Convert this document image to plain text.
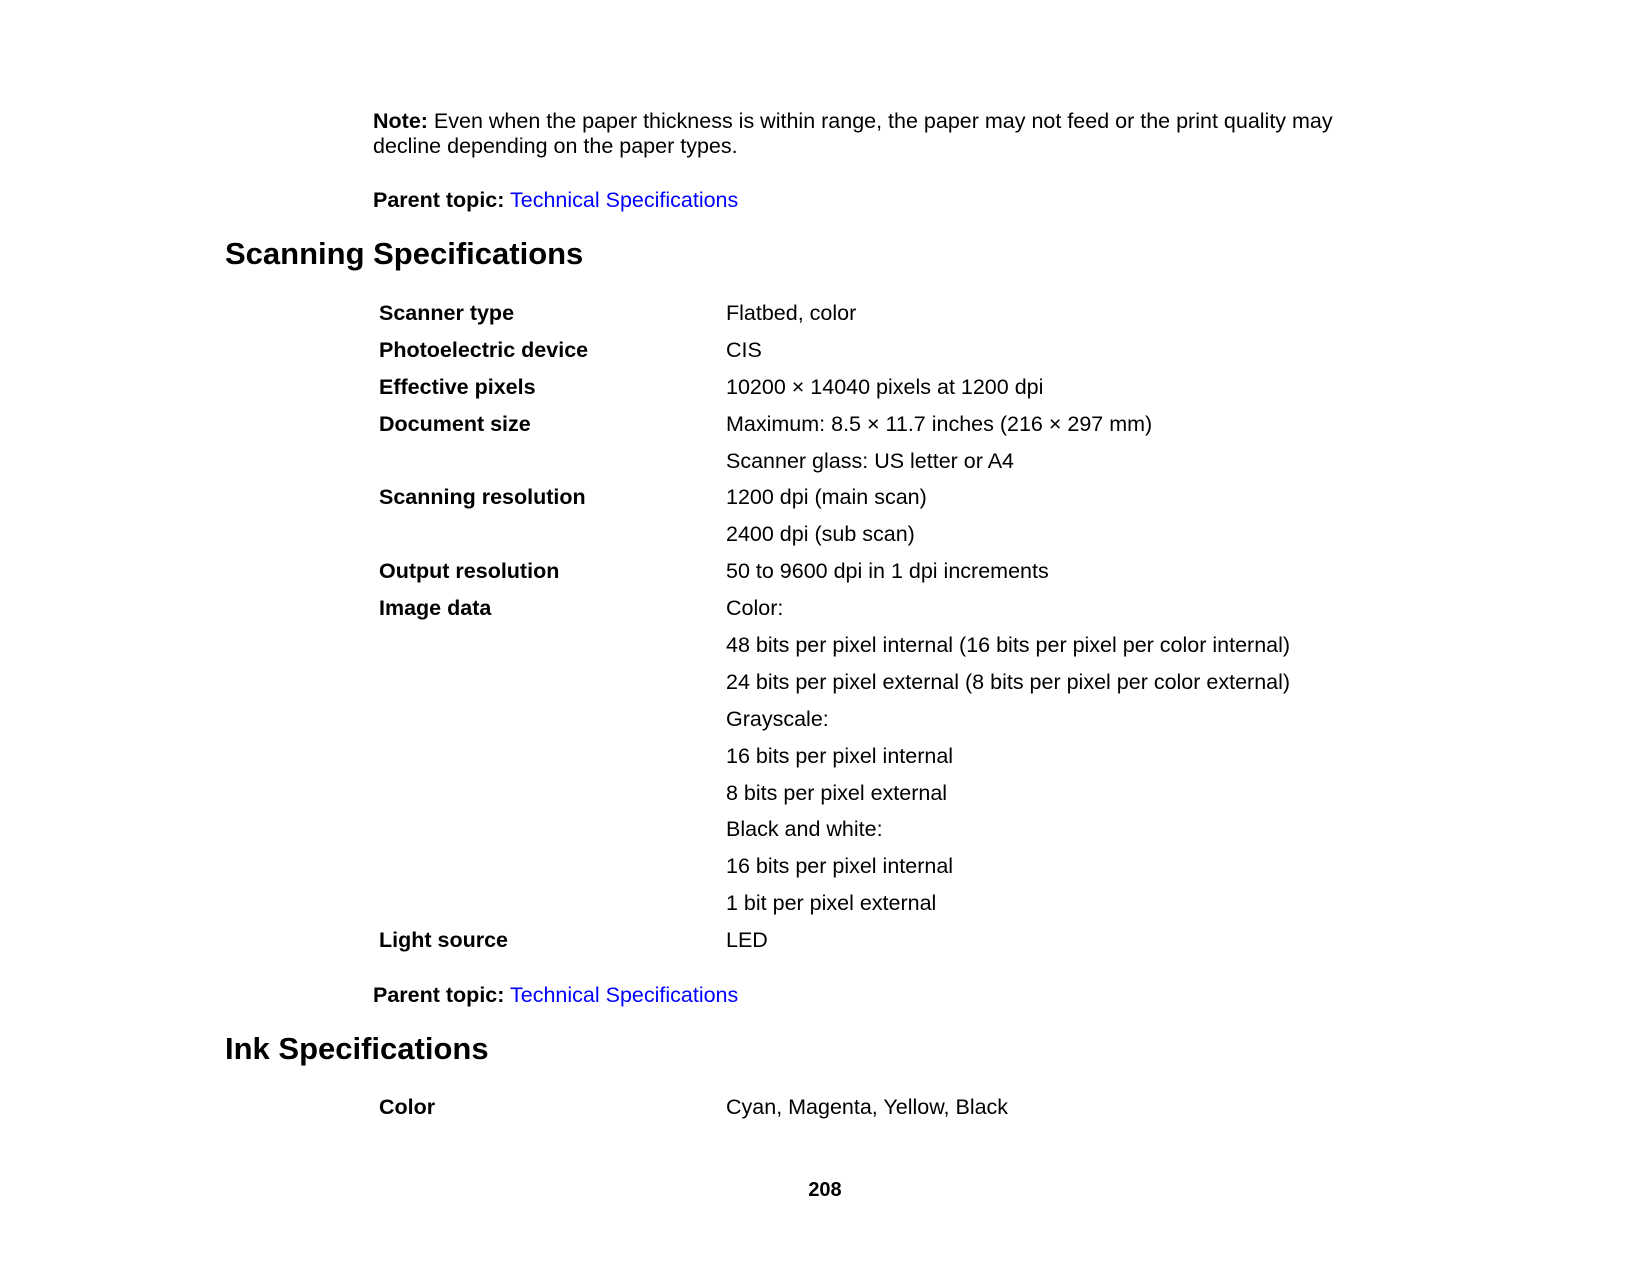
Note: Even when the paper thickness is within range, the paper may not feed or the print quality may
decline depending on the paper types.
Parent topic: Technical Specifications
Scanning Specifications
Scanner type	Flatbed, color
Photoelectric device	CIS
Effective pixels	10200 × 14040 pixels at 1200 dpi
Document size	Maximum: 8.5 × 11.7 inches (216 × 297 mm)
Scanner glass: US letter or A4
Scanning resolution	1200 dpi (main scan)
2400 dpi (sub scan)
Output resolution	50 to 9600 dpi in 1 dpi increments
Image data	Color:
48 bits per pixel internal (16 bits per pixel per color internal)
24 bits per pixel external (8 bits per pixel per color external)
Grayscale:
16 bits per pixel internal
8 bits per pixel external
Black and white:
16 bits per pixel internal
1 bit per pixel external
Light source	LED
Parent topic: Technical Specifications
Ink Specifications
Color	Cyan, Magenta, Yellow, Black
208
